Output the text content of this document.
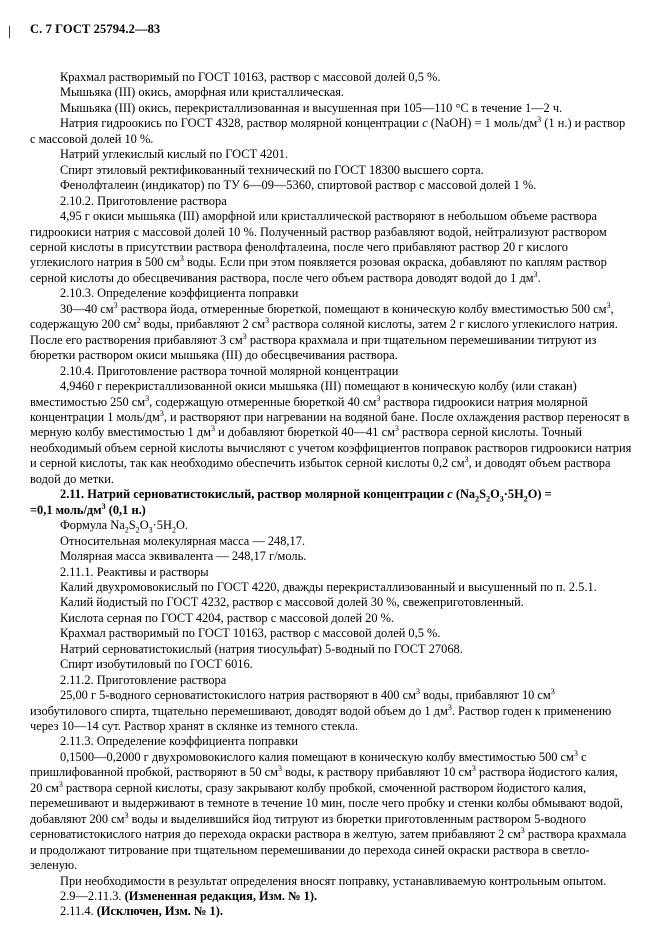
С. 7 ГОСТ 25794.2—83

Крахмал растворимый по ГОСТ 10163, раствор с массовой долей 0,5 %.

Мышьяка (III) окись, аморфная или кристаллическая.

Мышьяка (III) окись, перекристаллизованная и высушенная при 105—110 °С в течение 1—2 ч.

Натрия гидроокись по ГОСТ 4328, раствор молярной концентрации c (NaOH) = 1 моль/$дм^3$ (1 н.) и раствор с массовой долей 10 %.

Натрий углекислый кислый по ГОСТ 4201.

Спирт этиловый ректификованный технический по ГОСТ 18300 высшего сорта.

Фенолфталеин (индикатор) по ТУ 6—09—5360, спиртовой раствор с массовой долей 1 %.

2.10.2. Приготовление раствора

4,95 г окиси мышьяка (III) аморфной или кристаллической растворяют в небольшом объеме раствора гидроокиси натрия с массовой долей 10 %. Полученный раствор разбавляют водой, нейтрализуют раствором серной кислоты в присутствии раствора фенолфталеина, после чего прибавляют раствор 20 г кислого углекислого натрия в 500 $см^3$ воды. Если при этом появляется розовая окраска, добавляют по каплям раствор серной кислоты до обесцвечивания раствора, после чего объем раствора доводят водой до 1 $дм^3$.

2.10.3. Определение коэффициента поправки

30—40 $см^3$ раствора йода, отмеренные бюреткой, помещают в коническую колбу вместимостью 500 $см^3$, содержащую 200 $см^2$ воды, прибавляют 2 $см^3$ раствора соляной кислоты, затем 2 г кислого углекислого натрия. После его растворения прибавляют 3 $см^3$ раствора крахмала и при тщательном перемешивании титруют из бюретки раствором окиси мышьяка (III) до обесцвечивания раствора.

2.10.4. Приготовление раствора точной молярной концентрации

4,9460 г перекристаллизованной окиси мышьяка (III) помещают в коническую колбу (или стакан) вместимостью 250 $см^3$, содержащую отмеренные бюреткой 40 $см^3$ раствора гидроокиси натрия молярной концентрации 1 моль/$дм^3$, и растворяют при нагревании на водяной бане. После охлаждения раствор переносят в мерную колбу вместимостью 1 $дм^3$ и добавляют бюреткой 40—41 $см^3$ раствора серной кислоты. Точный необходимый объем серной кислоты вычисляют с учетом коэффициентов поправок растворов гидроокиси натрия и серной кислоты, так как необходимо обеспечить избыток серной кислоты 0,2 $см^3$, и доводят объем раствора водой до метки.

2.11. Натрий серноватистокислый, раствор молярной концентрации c $(Na_2S_2O_3\cdot 5H_2O)$ =

=0,1 моль/$дм^3$ (0,1 н.)

Формула $Na_2S_2O_3\cdot 5H_2O$.

Относительная молекулярная масса — 248,17.

Молярная масса эквивалента — 248,17 г/моль.

2.11.1. Реактивы и растворы

Калий двухромовокислый по ГОСТ 4220, дважды перекристаллизованный и высушенный по п. 2.5.1.

Калий йодистый по ГОСТ 4232, раствор с массовой долей 30 %, свежеприготовленный.

Кислота серная по ГОСТ 4204, раствор с массовой долей 20 %.

Крахмал растворимый по ГОСТ 10163, раствор с массовой долей 0,5 %.

Натрий серноватистокислый (натрия тиосульфат) 5-водный по ГОСТ 27068.

Спирт изобутиловый по ГОСТ 6016.

2.11.2. Приготовление раствора

25,00 г 5-водного серноватистокислого натрия растворяют в 400 $см^3$ воды, прибавляют 10 $см^3$ изобутилового спирта, тщательно перемешивают, доводят водой объем до 1 $дм^3$. Раствор годен к применению через 10—14 сут. Раствор хранят в склянке из темного стекла.

2.11.3. Определение коэффициента поправки

0,1500—0,2000 г двухромовокислого калия помещают в коническую колбу вместимостью 500 $см^3$ с пришлифованной пробкой, растворяют в 50 $см^3$ воды, к раствору прибавляют 10 $см^3$ раствора йодистого калия, 20 $см^3$ раствора серной кислоты, сразу закрывают колбу пробкой, смоченной раствором йодистого калия, перемешивают и выдерживают в темноте в течение 10 мин, после чего пробку и стенки колбы обмывают водой, добавляют 200 $см^3$ воды и выделившийся йод титруют из бюретки приготовленным раствором 5-водного серноватистокислого натрия до перехода окраски раствора в желтую, затем прибавляют 2 $см^3$ раствора крахмала и продолжают титрование при тщательном перемешивании до перехода синей окраски раствора в светло-зеленую.

При необходимости в результат определения вносят поправку, устанавливаемую контрольным опытом.

2.9—2.11.3. (Измененная редакция, Изм. № 1).

2.11.4. (Исключен, Изм. № 1).
